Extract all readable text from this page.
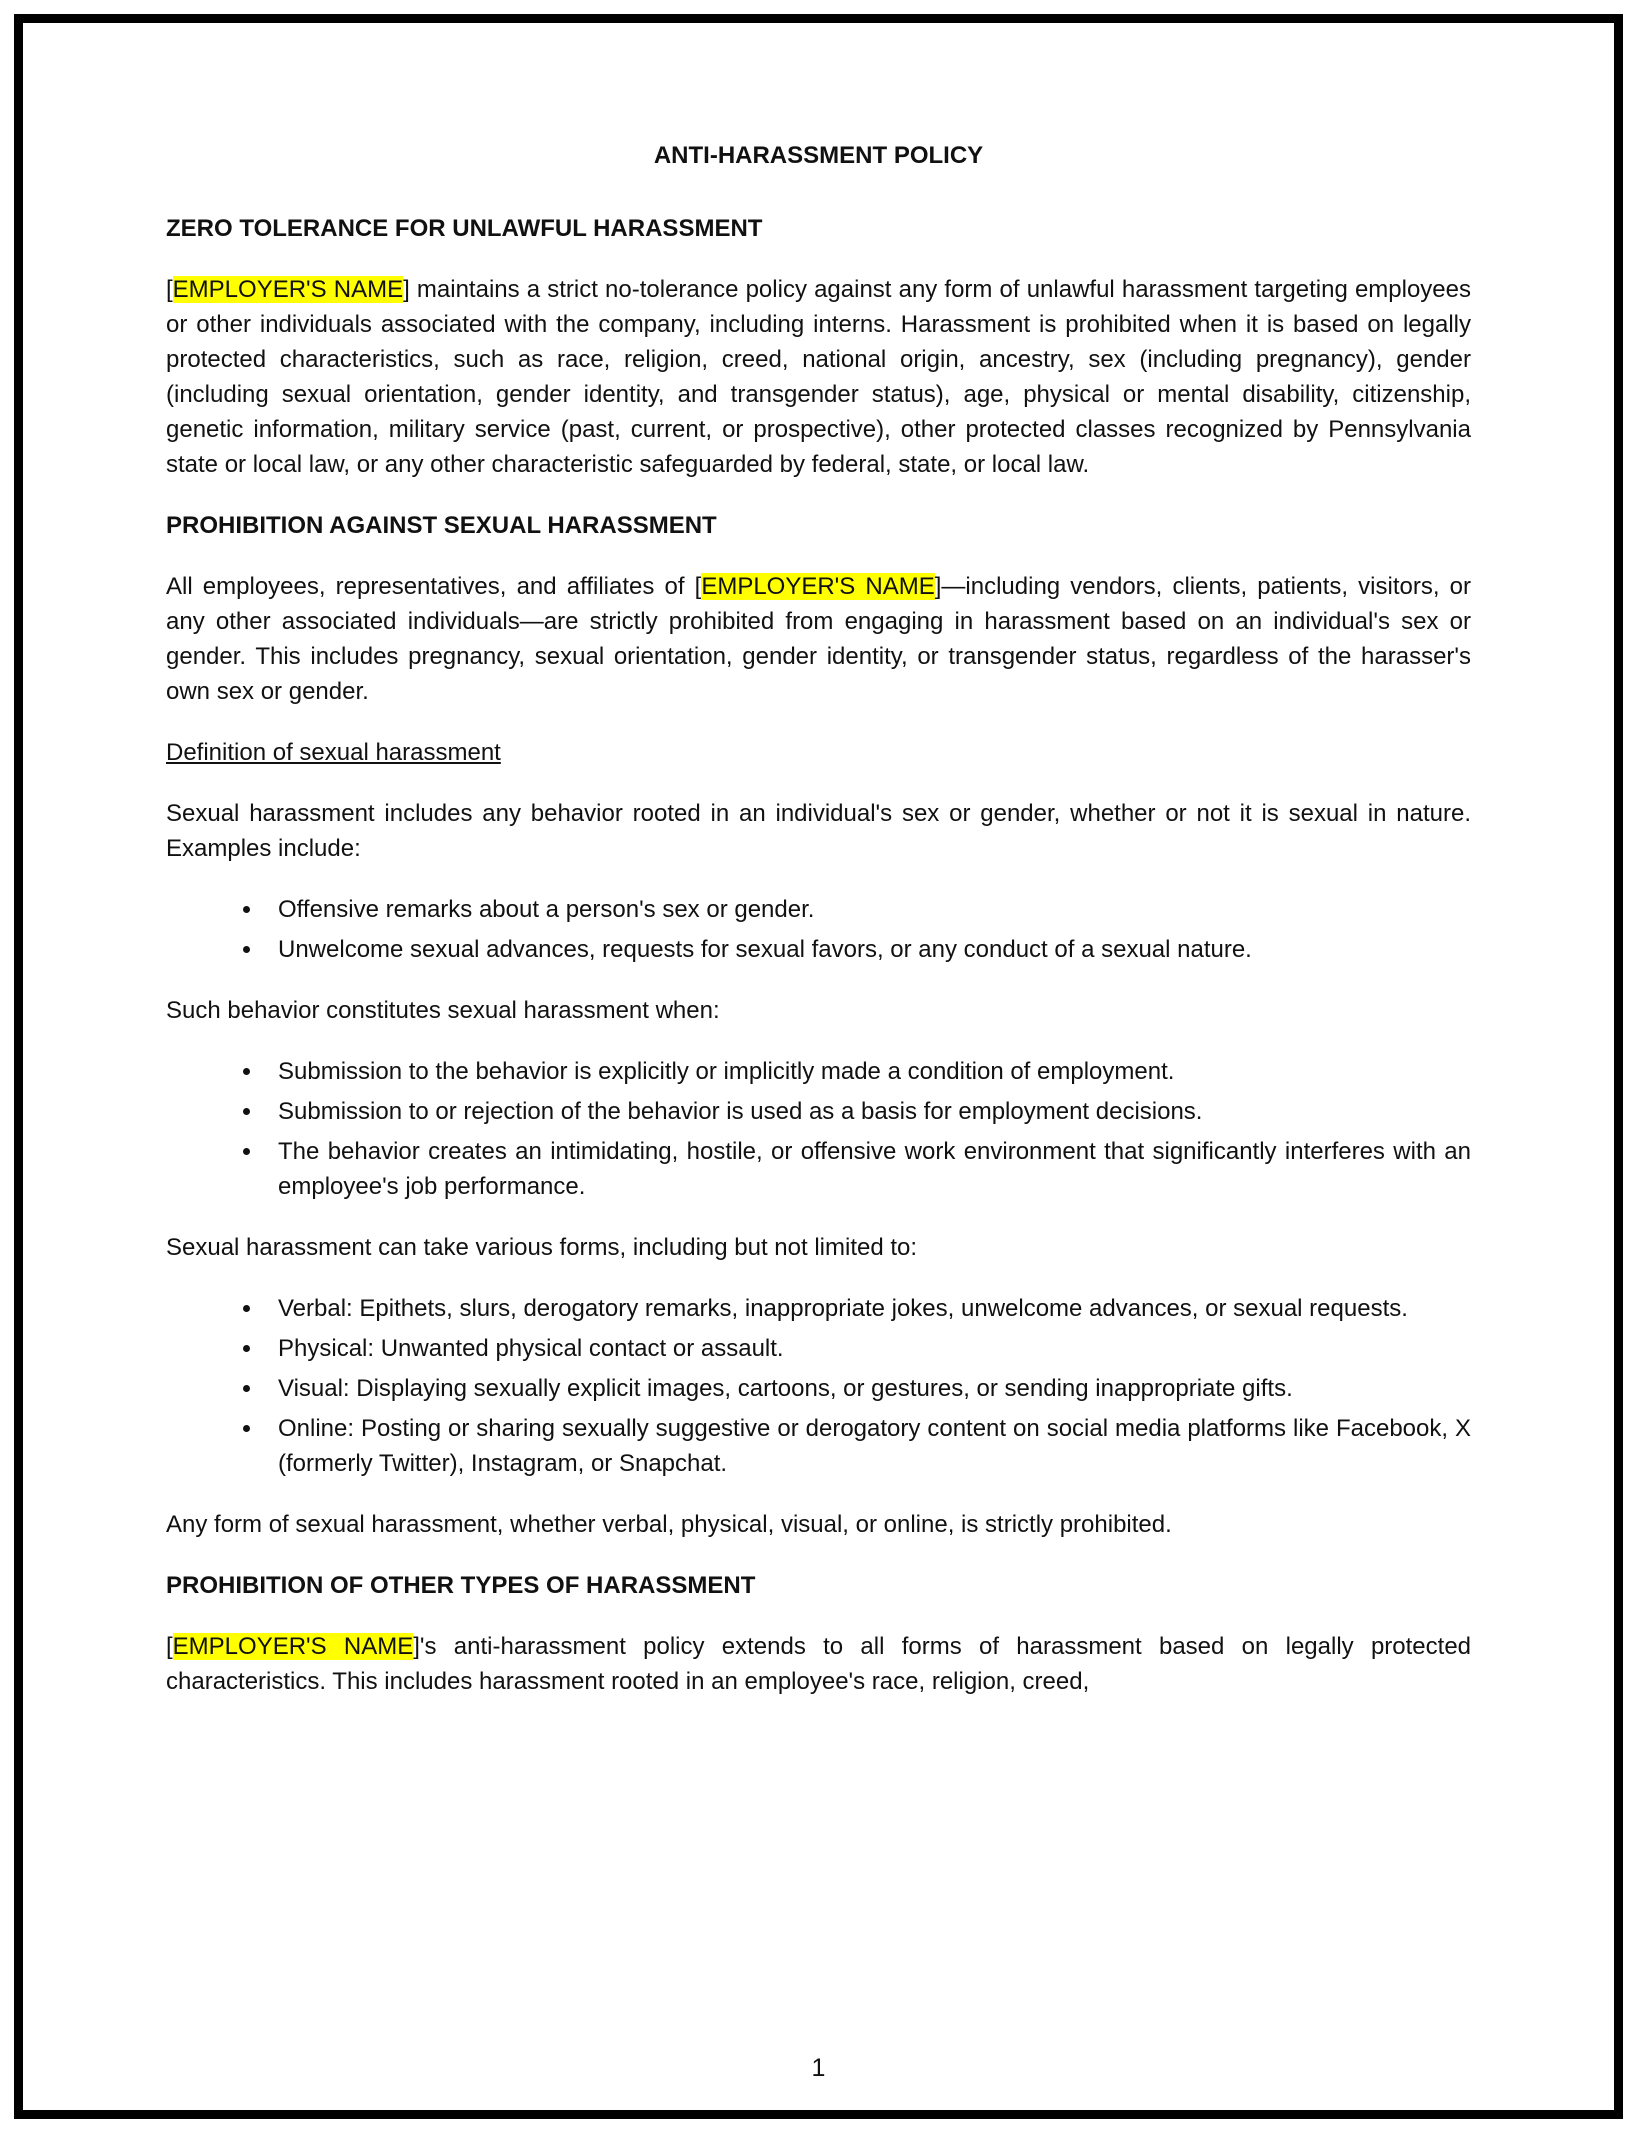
ANTI-HARASSMENT POLICY
ZERO TOLERANCE FOR UNLAWFUL HARASSMENT

[EMPLOYER'S NAME] maintains a strict no-tolerance policy against any form of unlawful harassment targeting employees or other individuals associated with the company, including interns. Harassment is prohibited when it is based on legally protected characteristics, such as race, religion, creed, national origin, ancestry, sex (including pregnancy), gender (including sexual orientation, gender identity, and transgender status), age, physical or mental disability, citizenship, genetic information, military service (past, current, or prospective), other protected classes recognized by Pennsylvania state or local law, or any other characteristic safeguarded by federal, state, or local law.

PROHIBITION AGAINST SEXUAL HARASSMENT

All employees, representatives, and affiliates of [EMPLOYER'S NAME]—including vendors, clients, patients, visitors, or any other associated individuals—are strictly prohibited from engaging in harassment based on an individual's sex or gender. This includes pregnancy, sexual orientation, gender identity, or transgender status, regardless of the harasser's own sex or gender.

Definition of sexual harassment

Sexual harassment includes any behavior rooted in an individual's sex or gender, whether or not it is sexual in nature. Examples include:

• Offensive remarks about a person's sex or gender.
• Unwelcome sexual advances, requests for sexual favors, or any conduct of a sexual nature.

Such behavior constitutes sexual harassment when:

• Submission to the behavior is explicitly or implicitly made a condition of employment.
• Submission to or rejection of the behavior is used as a basis for employment decisions.
• The behavior creates an intimidating, hostile, or offensive work environment that significantly interferes with an employee's job performance.

Sexual harassment can take various forms, including but not limited to:

• Verbal: Epithets, slurs, derogatory remarks, inappropriate jokes, unwelcome advances, or sexual requests.
• Physical: Unwanted physical contact or assault.
• Visual: Displaying sexually explicit images, cartoons, or gestures, or sending inappropriate gifts.
• Online: Posting or sharing sexually suggestive or derogatory content on social media platforms like Facebook, X (formerly Twitter), Instagram, or Snapchat.

Any form of sexual harassment, whether verbal, physical, visual, or online, is strictly prohibited.

PROHIBITION OF OTHER TYPES OF HARASSMENT

[EMPLOYER'S NAME]'s anti-harassment policy extends to all forms of harassment based on legally protected characteristics. This includes harassment rooted in an employee's race, religion, creed,

1
